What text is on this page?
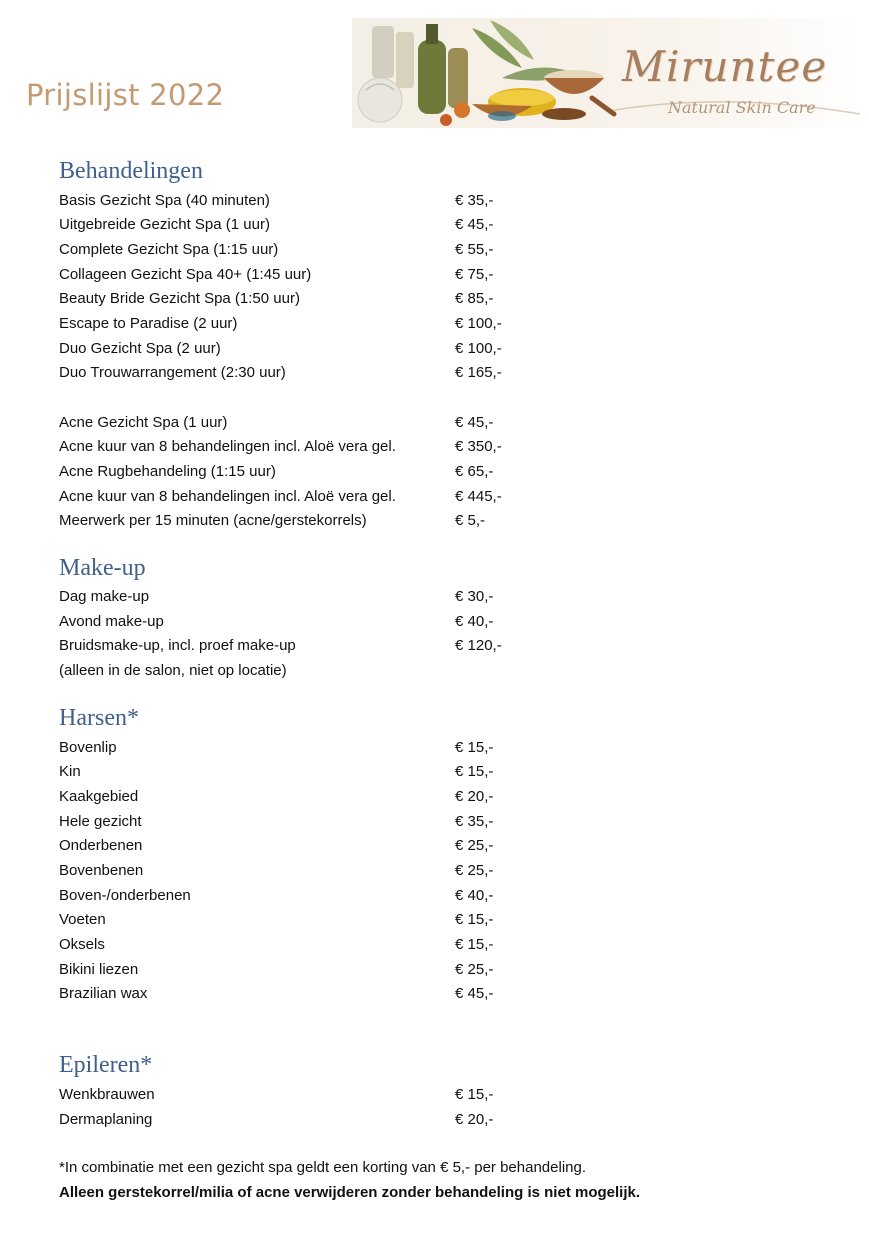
Prijslijst 2022
Miruntee
Natural Skin Care
Behandelingen
Basis Gezicht Spa (40 minuten)	€ 35,-
Uitgebreide Gezicht Spa (1 uur)	€ 45,-
Complete Gezicht Spa (1:15 uur)	€ 55,-
Collageen Gezicht Spa 40+ (1:45 uur)	€ 75,-
Beauty Bride Gezicht Spa (1:50 uur)	€ 85,-
Escape to Paradise (2 uur)	€ 100,-
Duo Gezicht Spa (2 uur)	€ 100,-
Duo Trouwarrangement (2:30 uur)	€ 165,-
Acne Gezicht Spa (1 uur)	€ 45,-
Acne kuur van 8 behandelingen incl. Aloë vera gel.	€ 350,-
Acne Rugbehandeling (1:15 uur)	€ 65,-
Acne kuur van 8 behandelingen incl. Aloë vera gel.	€ 445,-
Meerwerk per 15 minuten (acne/gerstekorrels)	€ 5,-
Make-up
Dag make-up	€ 30,-
Avond make-up	€ 40,-
Bruidsmake-up, incl. proef make-up	€ 120,-
(alleen in de salon, niet op locatie)
Harsen*
Bovenlip	€ 15,-
Kin	€ 15,-
Kaakgebied	€ 20,-
Hele gezicht	€ 35,-
Onderbenen	€ 25,-
Bovenbenen	€ 25,-
Boven-/onderbenen	€ 40,-
Voeten	€ 15,-
Oksels	€ 15,-
Bikini liezen	€ 25,-
Brazilian wax	€ 45,-
Epileren*
Wenkbrauwen	€ 15,-
Dermaplaning	€ 20,-
*In combinatie met een gezicht spa geldt een korting van € 5,- per behandeling.
Alleen gerstekorrel/milia of acne verwijderen zonder behandeling is niet mogelijk.
